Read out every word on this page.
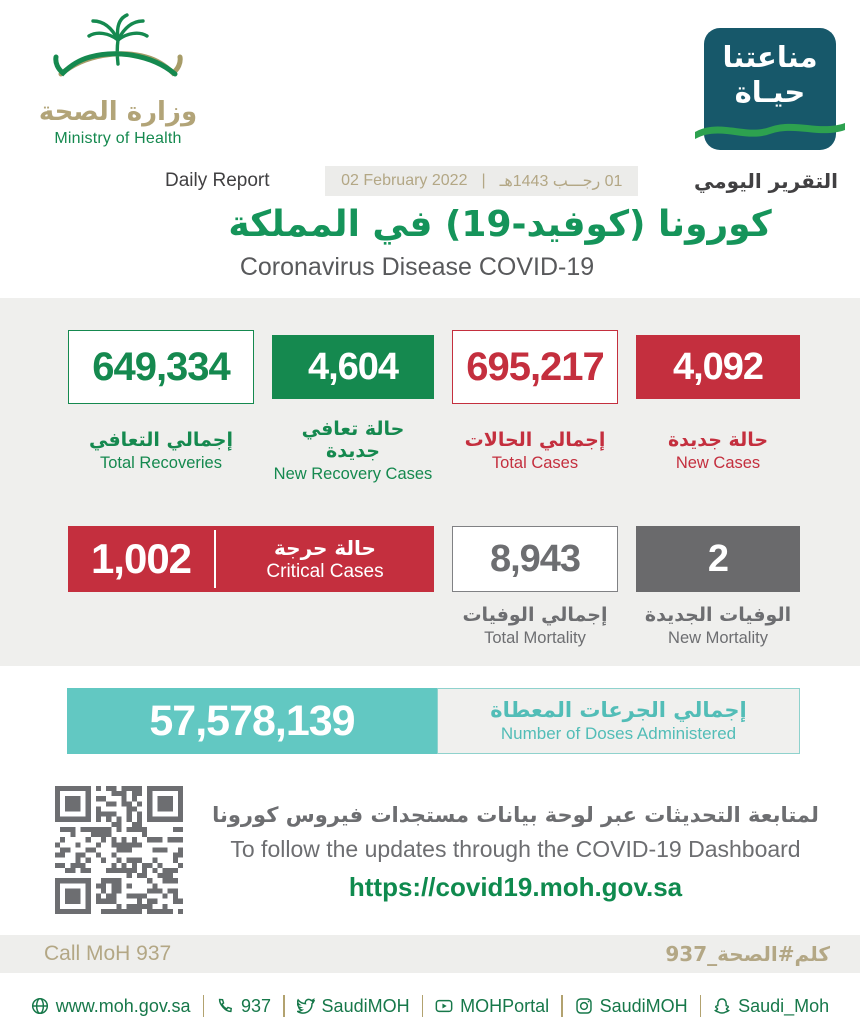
وزارة الصحة
Ministry of Health
مناعتنا
حيـاة
Daily Report	02 February 2022 | 01 رجـــب 1443هـ	التقرير اليومي
كورونا (كوفيد-19) في المملكة
Coronavirus Disease COVID-19
649,334 4,604 695,217 4,092
إجمالي التعافي
Total Recoveries
حالة تعافي جديدة
New Recovery Cases
إجمالي الحالات
Total Cases
حالة جديدة
New Cases
1,002	حالة حرجة
Critical Cases	8,943	2
إجمالي الوفيات
Total Mortality
الوفيات الجديدة
New Mortality
57,578,139	إجمالي الجرعات المعطاة
Number of Doses Administered
لمتابعة التحديثات عبر لوحة بيانات مستجدات فيروس كورونا
To follow the updates through the COVID-19 Dashboard
https://covid19.moh.gov.sa
Call MoH 937	كلم#الصحة_937
www.moh.gov.sa	937	SaudiMOH	MOHPortal	SaudiMOH	Saudi_Moh
